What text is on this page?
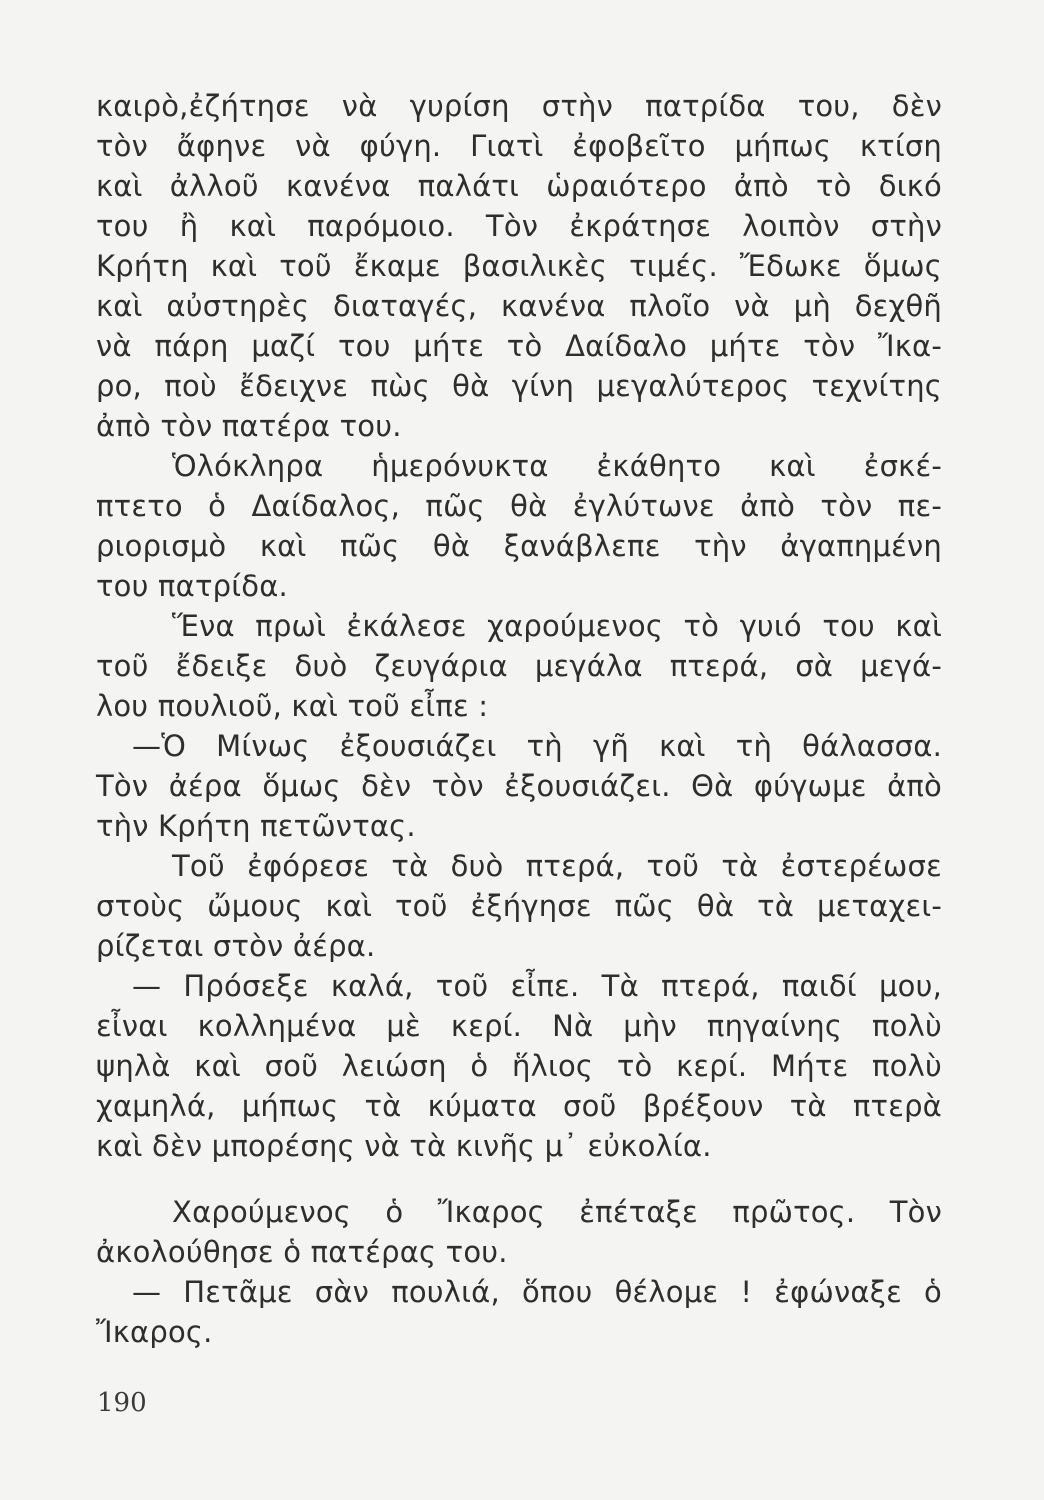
καιρὸ,ἐζήτησε νὰ γυρίση στὴν πατρίδα του, δὲν
τὸν ἄφηνε νὰ φύγη. Γιατὶ ἐφοβεῖτο μήπως κτίση
καὶ ἀλλοῦ κανένα παλάτι ὡραιότερο ἀπὸ τὸ δικό
του ἢ καὶ παρόμοιο. Τὸν ἐκράτησε λοιπὸν στὴν
Κρήτη καὶ τοῦ ἔκαμε βασιλικὲς τιμές. Ἔδωκε ὅμως
καὶ αὐστηρὲς διαταγές, κανένα πλοῖο νὰ μὴ δεχθῆ
νὰ πάρη μαζί του μήτε τὸ Δαίδαλο μήτε τὸν Ἴκα-
ρο, ποὺ ἔδειχνε πὼς θὰ γίνη μεγαλύτερος τεχνίτης
ἀπὸ τὸν πατέρα του.
Ὁλόκληρα ἡμερόνυκτα ἐκάθητο καὶ ἐσκέ-
πτετο ὁ Δαίδαλος, πῶς θὰ ἐγλύτωνε ἀπὸ τὸν πε-
ριορισμὸ καὶ πῶς θὰ ξανάβλεπε τὴν ἀγαπημένη
του πατρίδα.
Ἕνα πρωὶ ἐκάλεσε χαρούμενος τὸ γυιό του καὶ
τοῦ ἔδειξε δυὸ ζευγάρια μεγάλα πτερά, σὰ μεγά-
λου πουλιοῦ, καὶ τοῦ εἶπε :
—Ὁ Μίνως ἐξουσιάζει τὴ γῆ καὶ τὴ θάλασσα.
Τὸν ἀέρα ὅμως δὲν τὸν ἐξουσιάζει. Θὰ φύγωμε ἀπὸ
τὴν Κρήτη πετῶντας.
Τοῦ ἐφόρεσε τὰ δυὸ πτερά, τοῦ τὰ ἐστερέωσε
στοὺς ὤμους καὶ τοῦ ἐξήγησε πῶς θὰ τὰ μεταχει-
ρίζεται στὸν ἀέρα.
— Πρόσεξε καλά, τοῦ εἶπε. Τὰ πτερά, παιδί μου,
εἶναι κολλημένα μὲ κερί. Νὰ μὴν πηγαίνης πολὺ
ψηλὰ καὶ σοῦ λειώση ὁ ἥλιος τὸ κερί. Μήτε πολὺ
χαμηλά, μήπως τὰ κύματα σοῦ βρέξουν τὰ πτερὰ
καὶ δὲν μπορέσης νὰ τὰ κινῆς μ᾽ εὐκολία.
Χαρούμενος ὁ Ἴκαρος ἐπέταξε πρῶτος. Τὸν
ἀκολούθησε ὁ πατέρας του.
— Πετᾶμε σὰν πουλιά, ὅπου θέλομε ! ἐφώναξε ὁ
Ἴκαρος.
190
